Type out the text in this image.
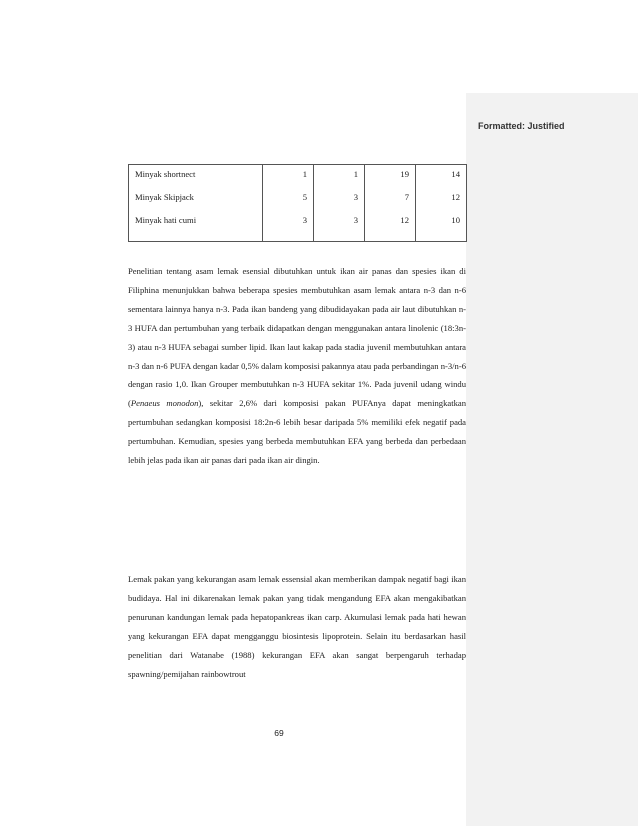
Formatted: Justified
Minyak shortnect	1	1	19	14
Minyak Skipjack	5	3	7	12
Minyak hati cumi	3	3	12	10

Penelitian tentang asam lemak esensial dibutuhkan untuk ikan air panas dan spesies ikan di Filiphina menunjukkan bahwa beberapa spesies membutuhkan asam lemak antara n-3 dan n-6 sementara lainnya hanya n-3. Pada ikan bandeng yang dibudidayakan pada air laut dibutuhkan n-3 HUFA dan pertumbuhan yang terbaik didapatkan dengan menggunakan antara linolenic (18:3n-3) atau n-3 HUFA sebagai sumber lipid. Ikan laut kakap pada stadia juvenil membutuhkan antara n-3 dan n-6 PUFA dengan kadar 0,5% dalam komposisi pakannya atau pada perbandingan n-3/n-6 dengan rasio 1,0. Ikan Grouper membutuhkan n-3 HUFA sekitar 1%. Pada juvenil udang windu (Penaeus monodon), sekitar 2,6% dari komposisi pakan PUFAnya dapat meningkatkan pertumbuhan sedangkan komposisi 18:2n-6 lebih besar daripada 5% memiliki efek negatif pada pertumbuhan. Kemudian, spesies yang berbeda membutuhkan EFA yang berbeda dan perbedaan lebih jelas pada ikan air panas dari pada ikan air dingin.

Lemak pakan yang kekurangan asam lemak essensial akan memberikan dampak negatif bagi ikan budidaya. Hal ini dikarenakan lemak pakan yang tidak mengandung EFA akan mengakibatkan penurunan kandungan lemak pada hepatopankreas ikan carp. Akumulasi lemak pada hati hewan yang kekurangan EFA dapat mengganggu biosintesis lipoprotein. Selain itu berdasarkan hasil penelitian dari Watanabe (1988) kekurangan EFA akan sangat berpengaruh terhadap spawning/pemijahan rainbowtrout

69
